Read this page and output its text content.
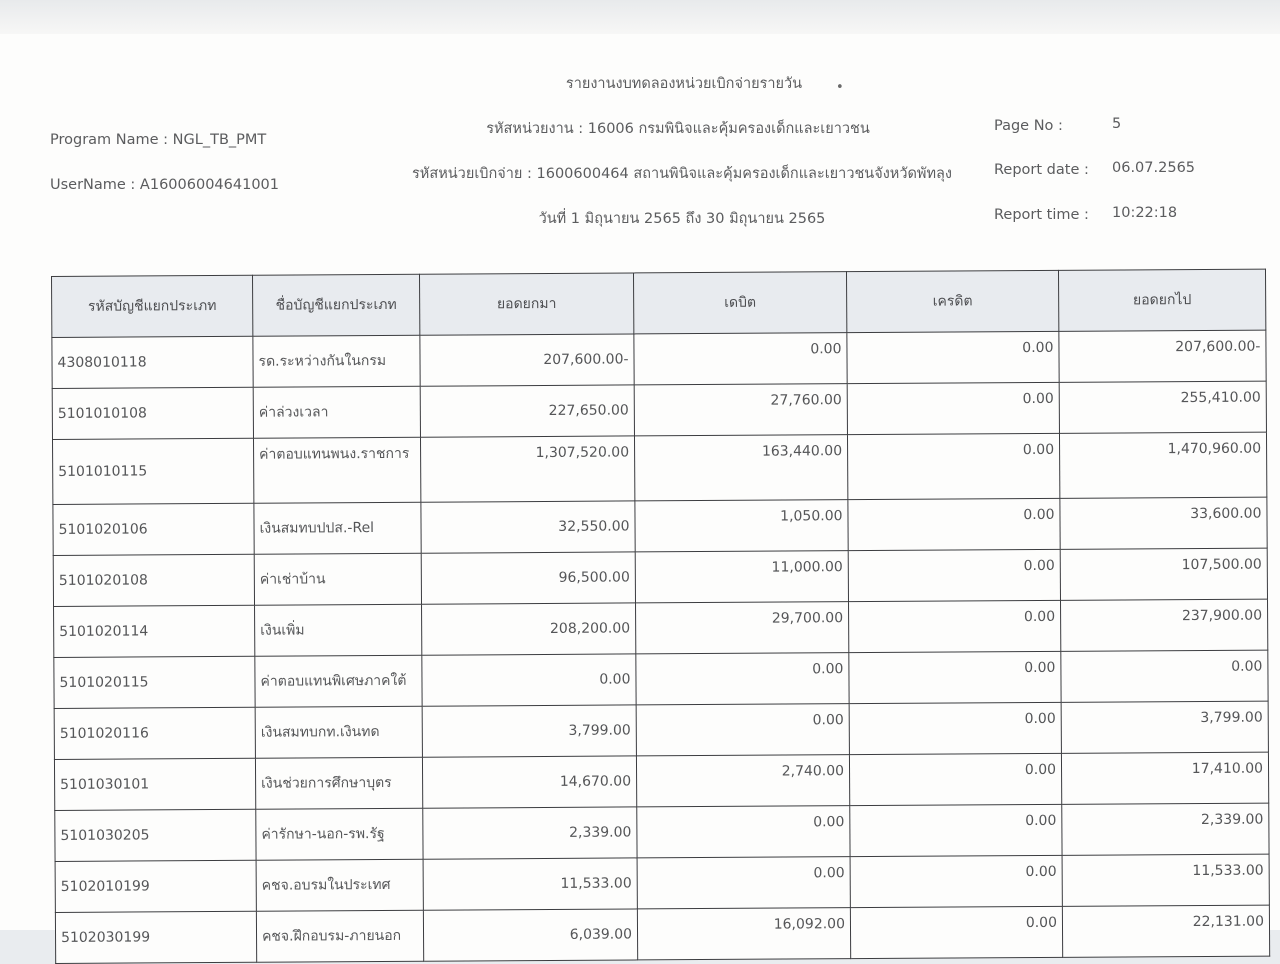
รายงานงบทดลองหน่วยเบิกจ่ายรายวัน	•
Program Name : NGL_TB_PMT
UserName : A16006004641001
รหัสหน่วยงาน : 16006 กรมพินิจและคุ้มครองเด็กและเยาวชน
รหัสหน่วยเบิกจ่าย : 1600600464 สถานพินิจและคุ้มครองเด็กและเยาวชนจังหวัดพัทลุง
วันที่ 1 มิถุนายน 2565 ถึง 30 มิถุนายน 2565
Page No :	5
Report date : 06.07.2565
Report time : 10:22:18
รหัสบัญชีแยกประเภท	ชื่อบัญชีแยกประเภท	ยอดยกมา	เดบิต	เครดิต	ยอดยกไป
4308010118	รด.ระหว่างกันในกรม	207,600.00-	0.00	0.00	207,600.00-
5101010108	ค่าล่วงเวลา	227,650.00	27,760.00	0.00	255,410.00
5101010115	ค่าตอบแทนพนง.ราชการ	1,307,520.00	163,440.00	0.00	1,470,960.00
5101020106	เงินสมทบปปส.-Rel	32,550.00	1,050.00	0.00	33,600.00
5101020108	ค่าเช่าบ้าน	96,500.00	11,000.00	0.00	107,500.00
5101020114	เงินเพิ่ม	208,200.00	29,700.00	0.00	237,900.00
5101020115	ค่าตอบแทนพิเศษภาคใต้	0.00	0.00	0.00	0.00
5101020116	เงินสมทบกท.เงินทด	3,799.00	0.00	0.00	3,799.00
5101030101	เงินช่วยการศึกษาบุตร	14,670.00	2,740.00	0.00	17,410.00
5101030205	ค่ารักษา-นอก-รพ.รัฐ	2,339.00	0.00	0.00	2,339.00
5102010199	คชจ.อบรมในประเทศ	11,533.00	0.00	0.00	11,533.00
5102030199	คชจ.ฝึกอบรม-ภายนอก	6,039.00	16,092.00	0.00	22,131.00
